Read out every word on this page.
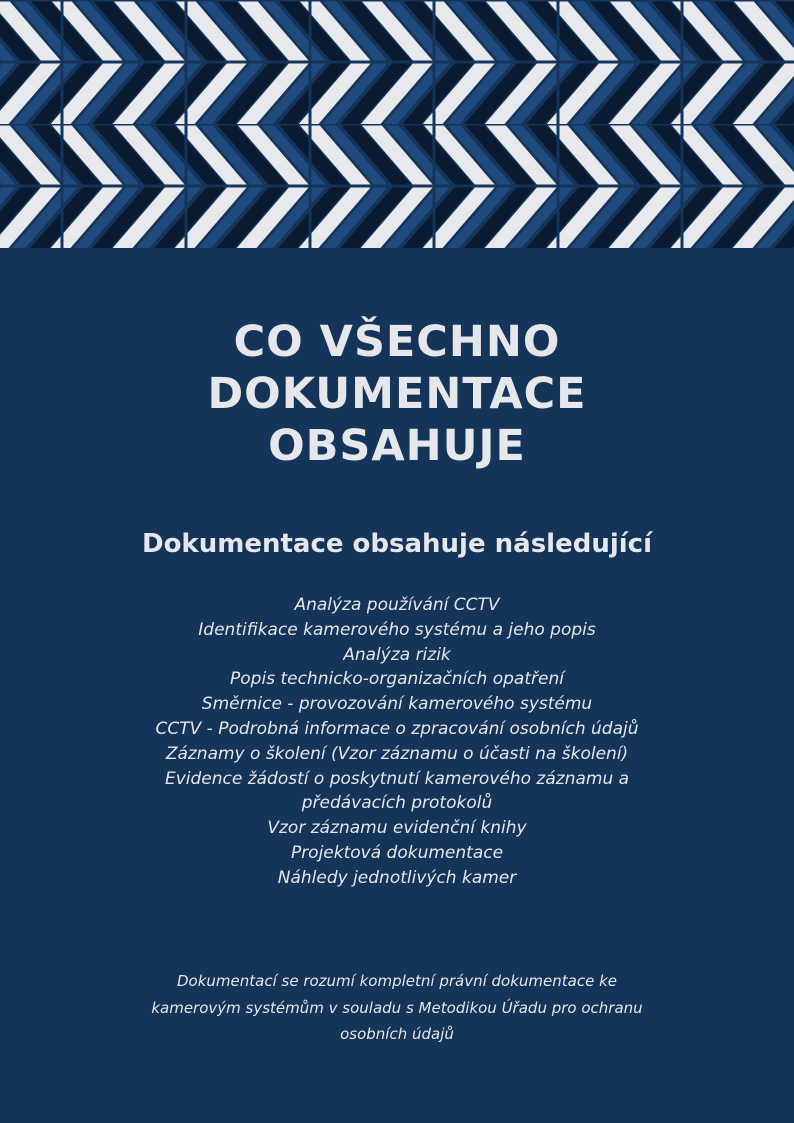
CO VŠECHNO
DOKUMENTACE
OBSAHUJE
Dokumentace obsahuje následující
Analýza používání CCTV
Identifikace kamerového systému a jeho popis
Analýza rizik
Popis technicko-organizačních opatření
Směrnice - provozování kamerového systému
CCTV - Podrobná informace o zpracování osobních údajů
Záznamy o školení (Vzor záznamu o účasti na školení)
Evidence žádostí o poskytnutí kamerového záznamu a předávacích protokolů
Vzor záznamu evidenční knihy
Projektová dokumentace
Náhledy jednotlivých kamer

Dokumentací se rozumí kompletní právní dokumentace ke kamerovým systémům v souladu s Metodikou Úřadu pro ochranu osobních údajů
